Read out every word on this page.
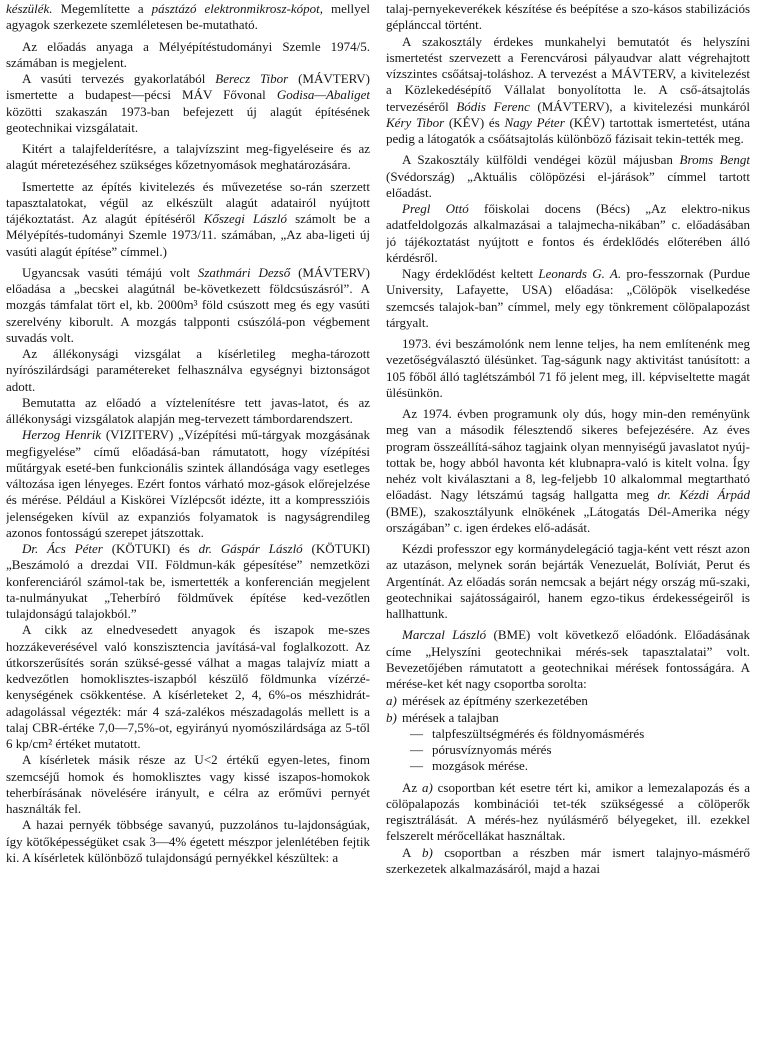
készülék. Megemlítette a pásztázó elektronmikrosz-kópot, mellyel agyagok szerkezete szemléletesen be-mutatható.

Az előadás anyaga a Mélyépítéstudományi Szemle 1974/5. számában is megjelent.

A vasúti tervezés gyakorlatából Berecz Tibor (MÁVTERV) ismertette a budapest—pécsi MÁV Fővonal Godisa—Abaliget közötti szakaszán 1973-ban befejezett új alagút építésének geotechnikai vizsgálatait.

Kitért a talajfelderítésre, a talajvízszint meg-figyeléseire és az alagút méretezéséhez szükséges kőzetnyomások meghatározására.

Ismertette az építés kivitelezés és művezetése so-rán szerzett tapasztalatokat, végül az elkészült alagút adatairól nyújtott tájékoztatást. Az alagút építéséről Kőszegi László számolt be a Mélyépítés-tudományi Szemle 1973/11. számában, „Az aba-ligeti új vasúti alagút építése” címmel.)

Ugyancsak vasúti témájú volt Szathmári Dezső (MÁVTERV) előadása a „becskei alagútnál be-következett földcsúszásról”. A mozgás támfalat tört el, kb. 2000m³ föld csúszott meg és egy vasúti szerelvény kiborult. A mozgás talpponti csúszólá-pon végbement suvadás volt.

Az állékonysági vizsgálat a kísérletileg megha-tározott nyírószilárdsági paramétereket felhasználva egységnyi biztonságot adott.

Bemutatta az előadó a víztelenítésre tett javas-latot, és az állékonysági vizsgálatok alapján meg-tervezett támbordarendszert.

Herzog Henrik (VIZITERV) „Vízépítési mű-tárgyak mozgásának megfigyelése” című előadásá-ban rámutatott, hogy vízépítési műtárgyak eseté-ben funkcionális szintek állandósága vagy esetleges változása igen lényeges. Ezért fontos várható moz-gások előrejelzése és mérése. Például a Kiskörei Vízlépcsőt idézte, itt a kompresszióis jelenségeken kívül az expanziós folyamatok is nagyságrendileg azonos fontosságú szerepet játszottak.

Dr. Ács Péter (KÖTUKI) és dr. Gáspár László (KÖTUKI) „Beszámoló a drezdai VII. Földmun-kák gépesítése” nemzetközi konferenciáról számol-tak be, ismertették a konferencián megjelent ta-nulmányukat „Teherbíró földművek építése ked-vezőtlen tulajdonságú talajokból.”

A cikk az elnedvesedett anyagok és iszapok me-szes hozzákeverésével való konszisztencia javításá-val foglalkozott. Az útkorszerűsítés során szüksé-gessé válhat a magas talajvíz miatt a kedvezőtlen homoklisztes-iszapból készülő földmunka vízérzé-kenységének csökkentése. A kísérleteket 2, 4, 6%-os mészhidrát-adagolással végezték: már 4 szá-zalékos mészadagolás mellett is a talaj CBR-értéke 7,0—7,5%-ot, egyirányú nyomószilárdsága az 5-től 6 kp/cm² értéket mutatott.

A kísérletek másik része az U<2 értékű egyen-letes, finom szemcséjű homok és homoklisztes vagy kissé iszapos-homokok teherbírásának növelésére irányult, e célra az erőművi pernyét használták fel.

A hazai pernyék többsége savanyú, puzzolános tu-lajdonságúak, így kötőképességüket csak 3—4% égetett mészpor jelenlétében fejtik ki. A kísérletek különböző tulajdonságú pernyékkel készültek: a

talaj-pernyekeverékek készítése és beépítése a szo-kásos stabilizációs géplánccal történt.

A szakosztály érdekes munkahelyi bemutatót és helyszíni ismertetést szervezett a Ferencvárosi pályaudvar alatt végrehajtott vízszintes csőátsaj-toláshoz. A tervezést a MÁVTERV, a kivitelezést a Közlekedésépítő Vállalat bonyolította le. A cső-átsajtolás tervezéséről Bódis Ferenc (MÁVTERV), a kivitelezési munkáról Kéry Tibor (KÉV) és Nagy Péter (KÉV) tartottak ismertetést, utána pedig a látogatók a csőátsajtolás különböző fázisait tekin-tették meg.

A Szakosztály külföldi vendégei közül májusban Broms Bengt (Svédország) „Aktuális cölöpözési el-járások” címmel tartott előadást.

Pregl Ottó főiskolai docens (Bécs) „Az elektro-nikus adatfeldolgozás alkalmazásai a talajmecha-nikában” c. előadásában jó tájékoztatást nyújtott e fontos és érdeklődés előterében álló kérdésről.

Nagy érdeklődést keltett Leonards G. A. pro-fesszornak (Purdue University, Lafayette, USA) előadása: „Cölöpök viselkedése szemcsés talajok-ban” címmel, mely egy tönkrement cölöpalapozást tárgyalt.

1973. évi beszámolónk nem lenne teljes, ha nem említenénk meg vezetőségválasztó ülésünket. Tag-ságunk nagy aktivitást tanúsított: a 105 főből álló taglétszámból 71 fő jelent meg, ill. képviseltette magát ülésünkön.

Az 1974. évben programunk oly dús, hogy min-den reményünk meg van a második félesztendő sikeres befejezésére. Az éves program összeállítá-sához tagjaink olyan mennyiségű javaslatot nyúj-tottak be, hogy abból havonta két klubnapra-való is kitelt volna. Így nehéz volt kiválasztani a 8, leg-feljebb 10 alkalommal megtartható előadást. Nagy létszámú tagság hallgatta meg dr. Kézdi Árpád (BME), szakosztályunk elnökének „Látogatás Dél-Amerika négy országában” c. igen érdekes elő-adását.

Kézdi professzor egy kormánydelegáció tagja-ként vett részt azon az utazáson, melynek során bejárták Venezuelát, Bolíviát, Perut és Argentínát. Az előadás során nemcsak a bejárt négy ország mű-szaki, geotechnikai sajátosságairól, hanem egzo-tikus érdekességeiről is hallhattunk.

Marczal László (BME) volt következő előadónk. Előadásának címe „Helyszíni geotechnikai mérés-sek tapasztalatai” volt. Bevezetőjében rámutatott a geotechnikai mérések fontosságára. A mérése-ket két nagy csoportba sorolta:

a) mérések az építmény szerkezetében
b) mérések a talajban
— talpfeszültségmérés és földnyomásmérés
— pórusvíznyomás mérés
— mozgások mérése.

Az a) csoportban két esetre tért ki, amikor a lemezalapozás és a cölöpalapozás kombinációi tet-ték szükségessé a cölöperők regisztrálását. A mérés-hez nyúlásmérő bélyegeket, ill. ezekkel felszerelt mérőcellákat használtak.

A b) csoportban a részben már ismert talajnyo-másmérő szerkezetek alkalmazásáról, majd a hazai
